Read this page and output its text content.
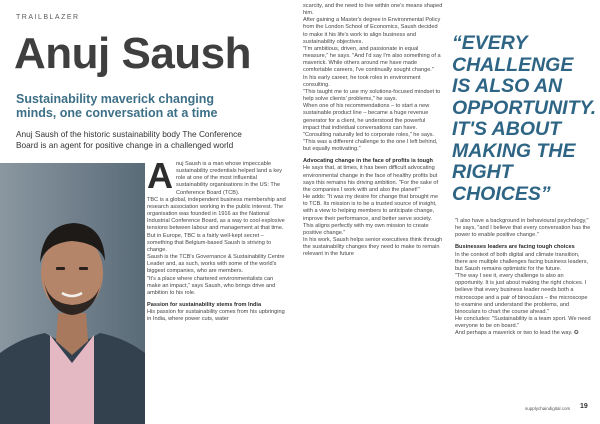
TRAILBLAZER
Anuj Saush
Sustainability maverick changing minds, one conversation at a time
Anuj Saush of the historic sustainability body The Conference Board is an agent for positive change in a challenged world

Anuj Saush is a man whose impeccable sustainability credentials helped land a key role at one of the most influential sustainability organisations in the US: The Conference Board (TCB).

TBC is a global, independent business membership and research association working in the public interest. The organisation was founded in 1916 as the National Industrial Conference Board, as a way to cool explosive tensions between labour and management at that time.

But in Europe, TBC is a fairly well-kept secret – something that Belgium-based Saush is striving to change.

Saush is the TCB's Governance & Sustainability Centre Leader and, as such, works with some of the world's biggest companies, who are members.

"It's a place where chartered environmentalists can make an impact," says Saush, who brings drive and ambition to his role.

Passion for sustainability stems from India

His passion for sustainability comes from his upbringing in India, where power cuts, water

scarcity, and the need to live within one's means shaped him.

After gaining a Master's degree in Environmental Policy from the London School of Economics, Saush decided to make it his life's work to align business and sustainability objectives.

"I'm ambitious, driven, and passionate in equal measure," he says. "And I'd say I'm also something of a maverick. While others around me have made comfortable careers, I've continually sought change."

In his early career, he took roles in environment consulting.

"This taught me to use my solutions-focused mindset to help solve clients' problems," he says.

When one of his recommendations – to start a new sustainable product line – became a huge revenue generator for a client, he understood the powerful impact that individual conversations can have.

"Consulting naturally led to corporate roles," he says. "This was a different challenge to the one I left behind, but equally motivating."

Advocating change in the face of profits is tough

He says that, at times, it has been difficult advocating environmental change in the face of healthy profits but says this remains his driving ambition. "For the sake of the companies I work with and also the planet!"

He adds: "It was my desire for change that brought me to TCB. Its mission is to be a trusted source of insight, with a view to helping members to anticipate change, improve their performance, and better serve society. This aligns perfectly with my own mission to create positive change."

In his work, Saush helps senior executives think through the sustainability changes they need to make to remain relevant in the future

“EVERY CHALLENGE IS ALSO AN OPPORTUNITY. IT'S ABOUT MAKING THE RIGHT CHOICES”

"I also have a background in behavioural psychology," he says, "and I believe that every conversation has the power to enable positive change."

Businesses leaders are facing tough choices

In the context of both digital and climate transition, there are multiple challenges facing business leaders, but Saush remains optimistic for the future.

"The way I see it, every challenge is also an opportunity. It is just about making the right choices. I believe that every business leader needs both a microscope and a pair of binoculars – the microscope to examine and understand the problems, and binoculars to chart the course ahead."

He concludes: "Sustainability is a team sport. We need everyone to be on board."

And perhaps a maverick or two to lead the way. ✪

supplychaindigital.com 19
